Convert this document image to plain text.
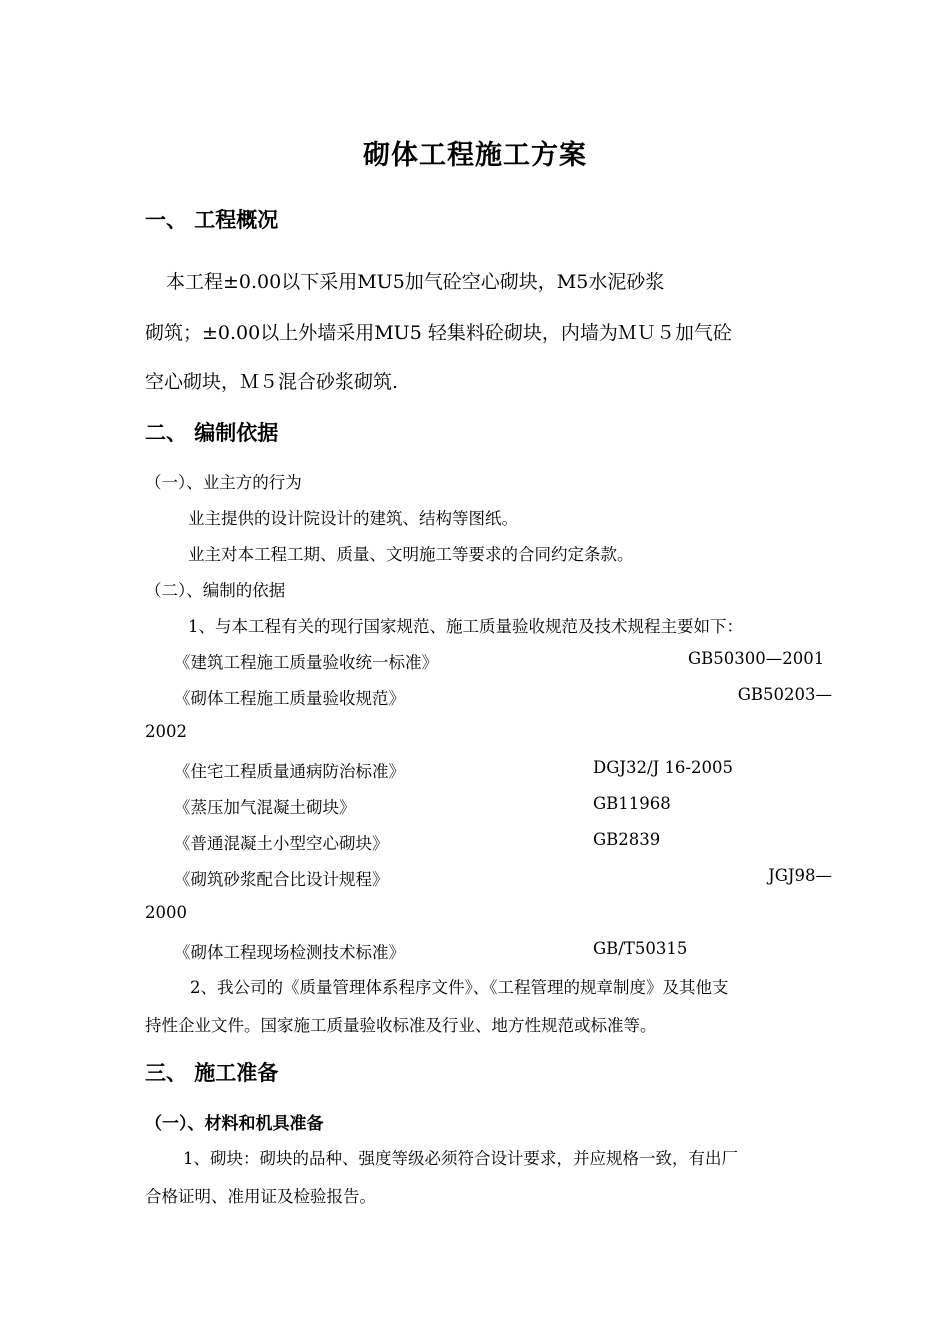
砌体工程施工方案
一、 工程概况
本工程±0.00以下采用MU5加气砼空心砌块，M5水泥砂浆
砌筑；±0.00以上外墙采用MU5 轻集料砼砌块，内墙为ＭＵ５加气砼
空心砌块，Ｍ５混合砂浆砌筑.
二、 编制依据
（一）、业主方的行为
业主提供的设计院设计的建筑、结构等图纸。
业主对本工程工期、质量、文明施工等要求的合同约定条款。
（二）、编制的依据
1、与本工程有关的现行国家规范、施工质量验收规范及技术规程主要如下：
《建筑工程施工质量验收统一标准》	GB50300—2001
《砌体工程施工质量验收规范》	GB50203—
2002
《住宅工程质量通病防治标准》	DGJ32/J 16-2005
《蒸压加气混凝土砌块》	GB11968
《普通混凝土小型空心砌块》	GB2839
《砌筑砂浆配合比设计规程》	JGJ98—
2000
《砌体工程现场检测技术标准》	GB/T50315
2、我公司的《质量管理体系程序文件》、《工程管理的规章制度》及其他支
持性企业文件。国家施工质量验收标准及行业、地方性规范或标准等。
三、 施工准备
（一）、材料和机具准备
1、砌块：砌块的品种、强度等级必须符合设计要求，并应规格一致，有出厂
合格证明、准用证及检验报告。
